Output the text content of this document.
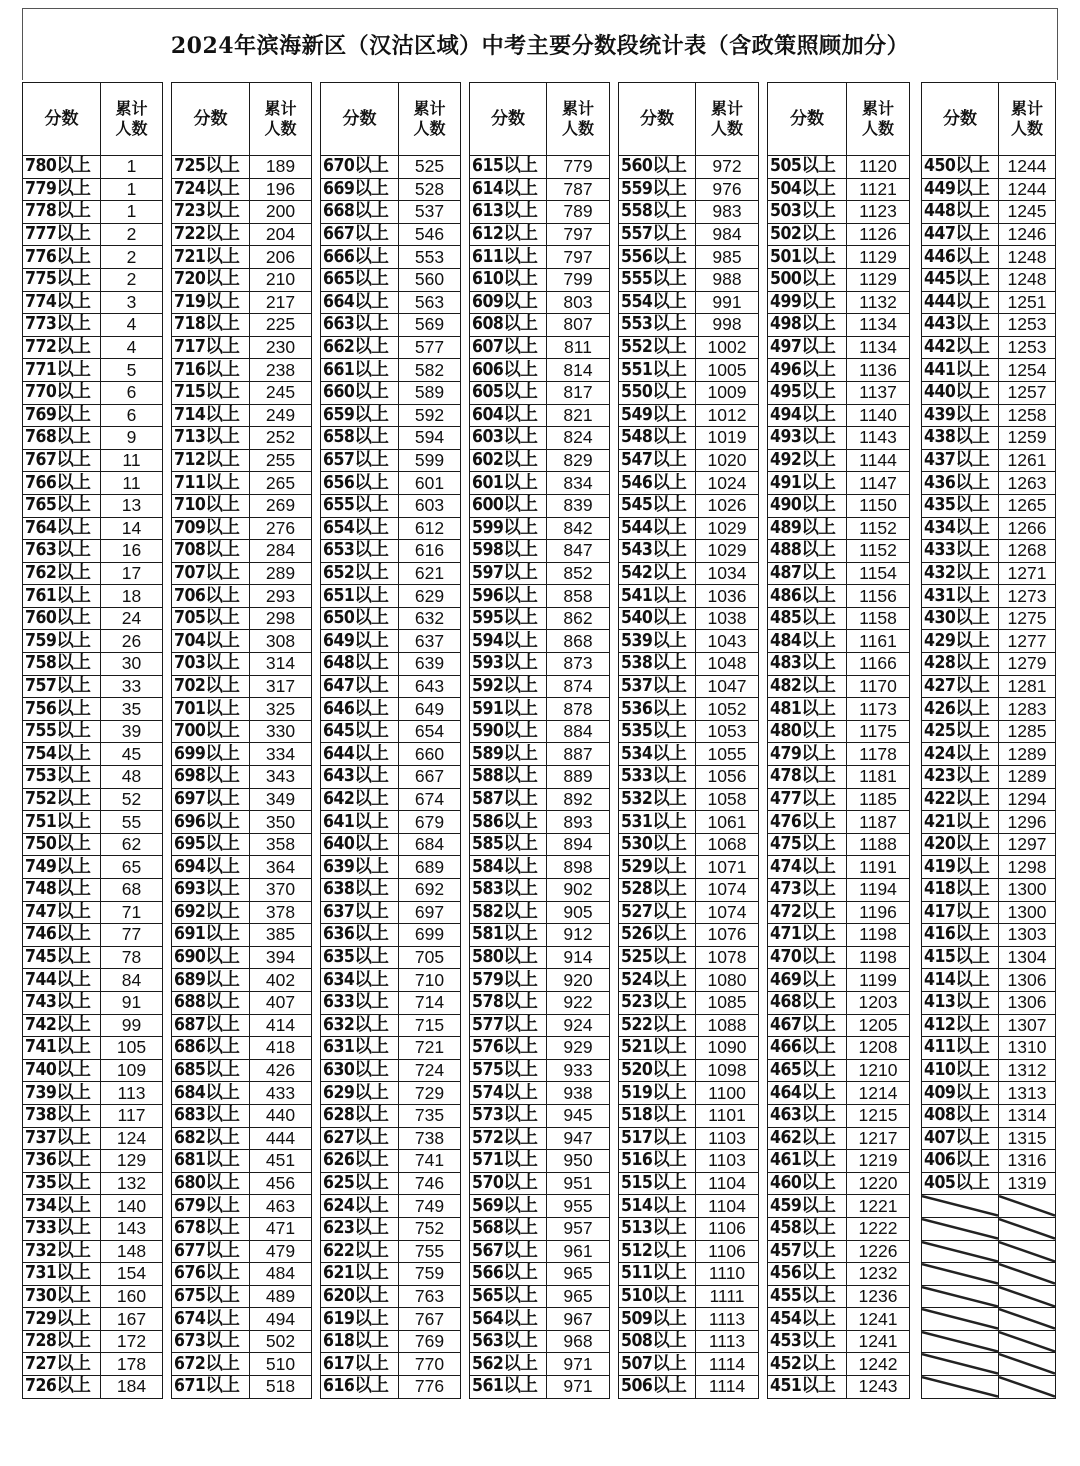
2024年滨海新区（汉沽区域）中考主要分数段统计表（含政策照顾加分）
分数	累计
人数
780以上	1
779以上	1
778以上	1
777以上	2
776以上	2
775以上	2
774以上	3
773以上	4
772以上	4
771以上	5
770以上	6
769以上	6
768以上	9
767以上	11
766以上	11
765以上	13
764以上	14
763以上	16
762以上	17
761以上	18
760以上	24
759以上	26
758以上	30
757以上	33
756以上	35
755以上	39
754以上	45
753以上	48
752以上	52
751以上	55
750以上	62
749以上	65
748以上	68
747以上	71
746以上	77
745以上	78
744以上	84
743以上	91
742以上	99
741以上	105
740以上	109
739以上	113
738以上	117
737以上	124
736以上	129
735以上	132
734以上	140
733以上	143
732以上	148
731以上	154
730以上	160
729以上	167
728以上	172
727以上	178
726以上	184
分数	累计
人数
725以上	189
724以上	196
723以上	200
722以上	204
721以上	206
720以上	210
719以上	217
718以上	225
717以上	230
716以上	238
715以上	245
714以上	249
713以上	252
712以上	255
711以上	265
710以上	269
709以上	276
708以上	284
707以上	289
706以上	293
705以上	298
704以上	308
703以上	314
702以上	317
701以上	325
700以上	330
699以上	334
698以上	343
697以上	349
696以上	350
695以上	358
694以上	364
693以上	370
692以上	378
691以上	385
690以上	394
689以上	402
688以上	407
687以上	414
686以上	418
685以上	426
684以上	433
683以上	440
682以上	444
681以上	451
680以上	456
679以上	463
678以上	471
677以上	479
676以上	484
675以上	489
674以上	494
673以上	502
672以上	510
671以上	518
分数	累计
人数
670以上	525
669以上	528
668以上	537
667以上	546
666以上	553
665以上	560
664以上	563
663以上	569
662以上	577
661以上	582
660以上	589
659以上	592
658以上	594
657以上	599
656以上	601
655以上	603
654以上	612
653以上	616
652以上	621
651以上	629
650以上	632
649以上	637
648以上	639
647以上	643
646以上	649
645以上	654
644以上	660
643以上	667
642以上	674
641以上	679
640以上	684
639以上	689
638以上	692
637以上	697
636以上	699
635以上	705
634以上	710
633以上	714
632以上	715
631以上	721
630以上	724
629以上	729
628以上	735
627以上	738
626以上	741
625以上	746
624以上	749
623以上	752
622以上	755
621以上	759
620以上	763
619以上	767
618以上	769
617以上	770
616以上	776
分数	累计
人数
615以上	779
614以上	787
613以上	789
612以上	797
611以上	797
610以上	799
609以上	803
608以上	807
607以上	811
606以上	814
605以上	817
604以上	821
603以上	824
602以上	829
601以上	834
600以上	839
599以上	842
598以上	847
597以上	852
596以上	858
595以上	862
594以上	868
593以上	873
592以上	874
591以上	878
590以上	884
589以上	887
588以上	889
587以上	892
586以上	893
585以上	894
584以上	898
583以上	902
582以上	905
581以上	912
580以上	914
579以上	920
578以上	922
577以上	924
576以上	929
575以上	933
574以上	938
573以上	945
572以上	947
571以上	950
570以上	951
569以上	955
568以上	957
567以上	961
566以上	965
565以上	965
564以上	967
563以上	968
562以上	971
561以上	971
分数	累计
人数
560以上	972
559以上	976
558以上	983
557以上	984
556以上	985
555以上	988
554以上	991
553以上	998
552以上	1002
551以上	1005
550以上	1009
549以上	1012
548以上	1019
547以上	1020
546以上	1024
545以上	1026
544以上	1029
543以上	1029
542以上	1034
541以上	1036
540以上	1038
539以上	1043
538以上	1048
537以上	1047
536以上	1052
535以上	1053
534以上	1055
533以上	1056
532以上	1058
531以上	1061
530以上	1068
529以上	1071
528以上	1074
527以上	1074
526以上	1076
525以上	1078
524以上	1080
523以上	1085
522以上	1088
521以上	1090
520以上	1098
519以上	1100
518以上	1101
517以上	1103
516以上	1103
515以上	1104
514以上	1104
513以上	1106
512以上	1106
511以上	1110
510以上	1111
509以上	1113
508以上	1113
507以上	1114
506以上	1114
分数	累计
人数
505以上	1120
504以上	1121
503以上	1123
502以上	1126
501以上	1129
500以上	1129
499以上	1132
498以上	1134
497以上	1134
496以上	1136
495以上	1137
494以上	1140
493以上	1143
492以上	1144
491以上	1147
490以上	1150
489以上	1152
488以上	1152
487以上	1154
486以上	1156
485以上	1158
484以上	1161
483以上	1166
482以上	1170
481以上	1173
480以上	1175
479以上	1178
478以上	1181
477以上	1185
476以上	1187
475以上	1188
474以上	1191
473以上	1194
472以上	1196
471以上	1198
470以上	1198
469以上	1199
468以上	1203
467以上	1205
466以上	1208
465以上	1210
464以上	1214
463以上	1215
462以上	1217
461以上	1219
460以上	1220
459以上	1221
458以上	1222
457以上	1226
456以上	1232
455以上	1236
454以上	1241
453以上	1241
452以上	1242
451以上	1243
分数	累计
人数
450以上	1244
449以上	1244
448以上	1245
447以上	1246
446以上	1248
445以上	1248
444以上	1251
443以上	1253
442以上	1253
441以上	1254
440以上	1257
439以上	1258
438以上	1259
437以上	1261
436以上	1263
435以上	1265
434以上	1266
433以上	1268
432以上	1271
431以上	1273
430以上	1275
429以上	1277
428以上	1279
427以上	1281
426以上	1283
425以上	1285
424以上	1289
423以上	1289
422以上	1294
421以上	1296
420以上	1297
419以上	1298
418以上	1300
417以上	1300
416以上	1303
415以上	1304
414以上	1306
413以上	1306
412以上	1307
411以上	1310
410以上	1312
409以上	1313
408以上	1314
407以上	1315
406以上	1316
405以上	1319
